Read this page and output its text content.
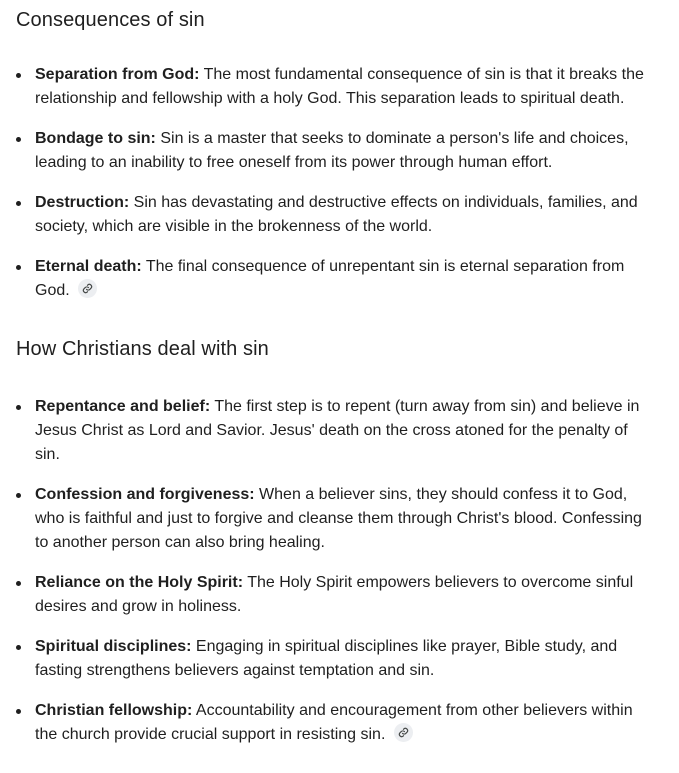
Consequences of sin
Separation from God: The most fundamental consequence of sin is that it breaks the relationship and fellowship with a holy God. This separation leads to spiritual death.
Bondage to sin: Sin is a master that seeks to dominate a person's life and choices, leading to an inability to free oneself from its power through human effort.
Destruction: Sin has devastating and destructive effects on individuals, families, and society, which are visible in the brokenness of the world.
Eternal death: The final consequence of unrepentant sin is eternal separation from God.
How Christians deal with sin
Repentance and belief: The first step is to repent (turn away from sin) and believe in Jesus Christ as Lord and Savior. Jesus' death on the cross atoned for the penalty of sin.
Confession and forgiveness: When a believer sins, they should confess it to God, who is faithful and just to forgive and cleanse them through Christ's blood. Confessing to another person can also bring healing.
Reliance on the Holy Spirit: The Holy Spirit empowers believers to overcome sinful desires and grow in holiness.
Spiritual disciplines: Engaging in spiritual disciplines like prayer, Bible study, and fasting strengthens believers against temptation and sin.
Christian fellowship: Accountability and encouragement from other believers within the church provide crucial support in resisting sin.
